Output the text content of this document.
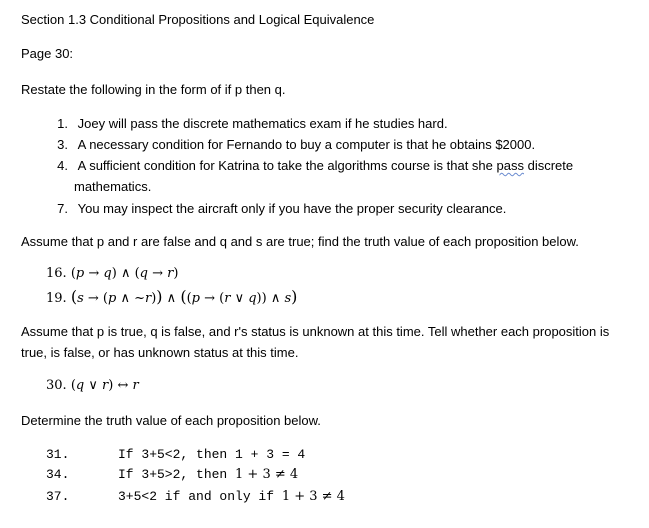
Section 1.3 Conditional Propositions and Logical Equivalence
Page 30:
Restate the following in the form of if p then q.
1. Joey will pass the discrete mathematics exam if he studies hard.
3. A necessary condition for Fernando to buy a computer is that he obtains $2000.
4. A sufficient condition for Katrina to take the algorithms course is that she pass discrete
mathematics.
7. You may inspect the aircraft only if you have the proper security clearance.
Assume that p and r are false and q and s are true; find the truth value of each proposition below.
16. (p → q) ∧ (q → r)
19. (s → (p ∧ ~r)) ∧ ((p → (r ∨ q)) ∧ s)
Assume that p is true, q is false, and r's status is unknown at this time. Tell whether each proposition is
true, is false, or has unknown status at this time.
30. (q ∨ r) ↔ r
Determine the truth value of each proposition below.
31.	If 3+5<2, then 1 + 3 = 4
34.	If 3+5>2, then 1 + 3 ≠ 4
37.	3+5<2 if and only if 1 + 3 ≠ 4
